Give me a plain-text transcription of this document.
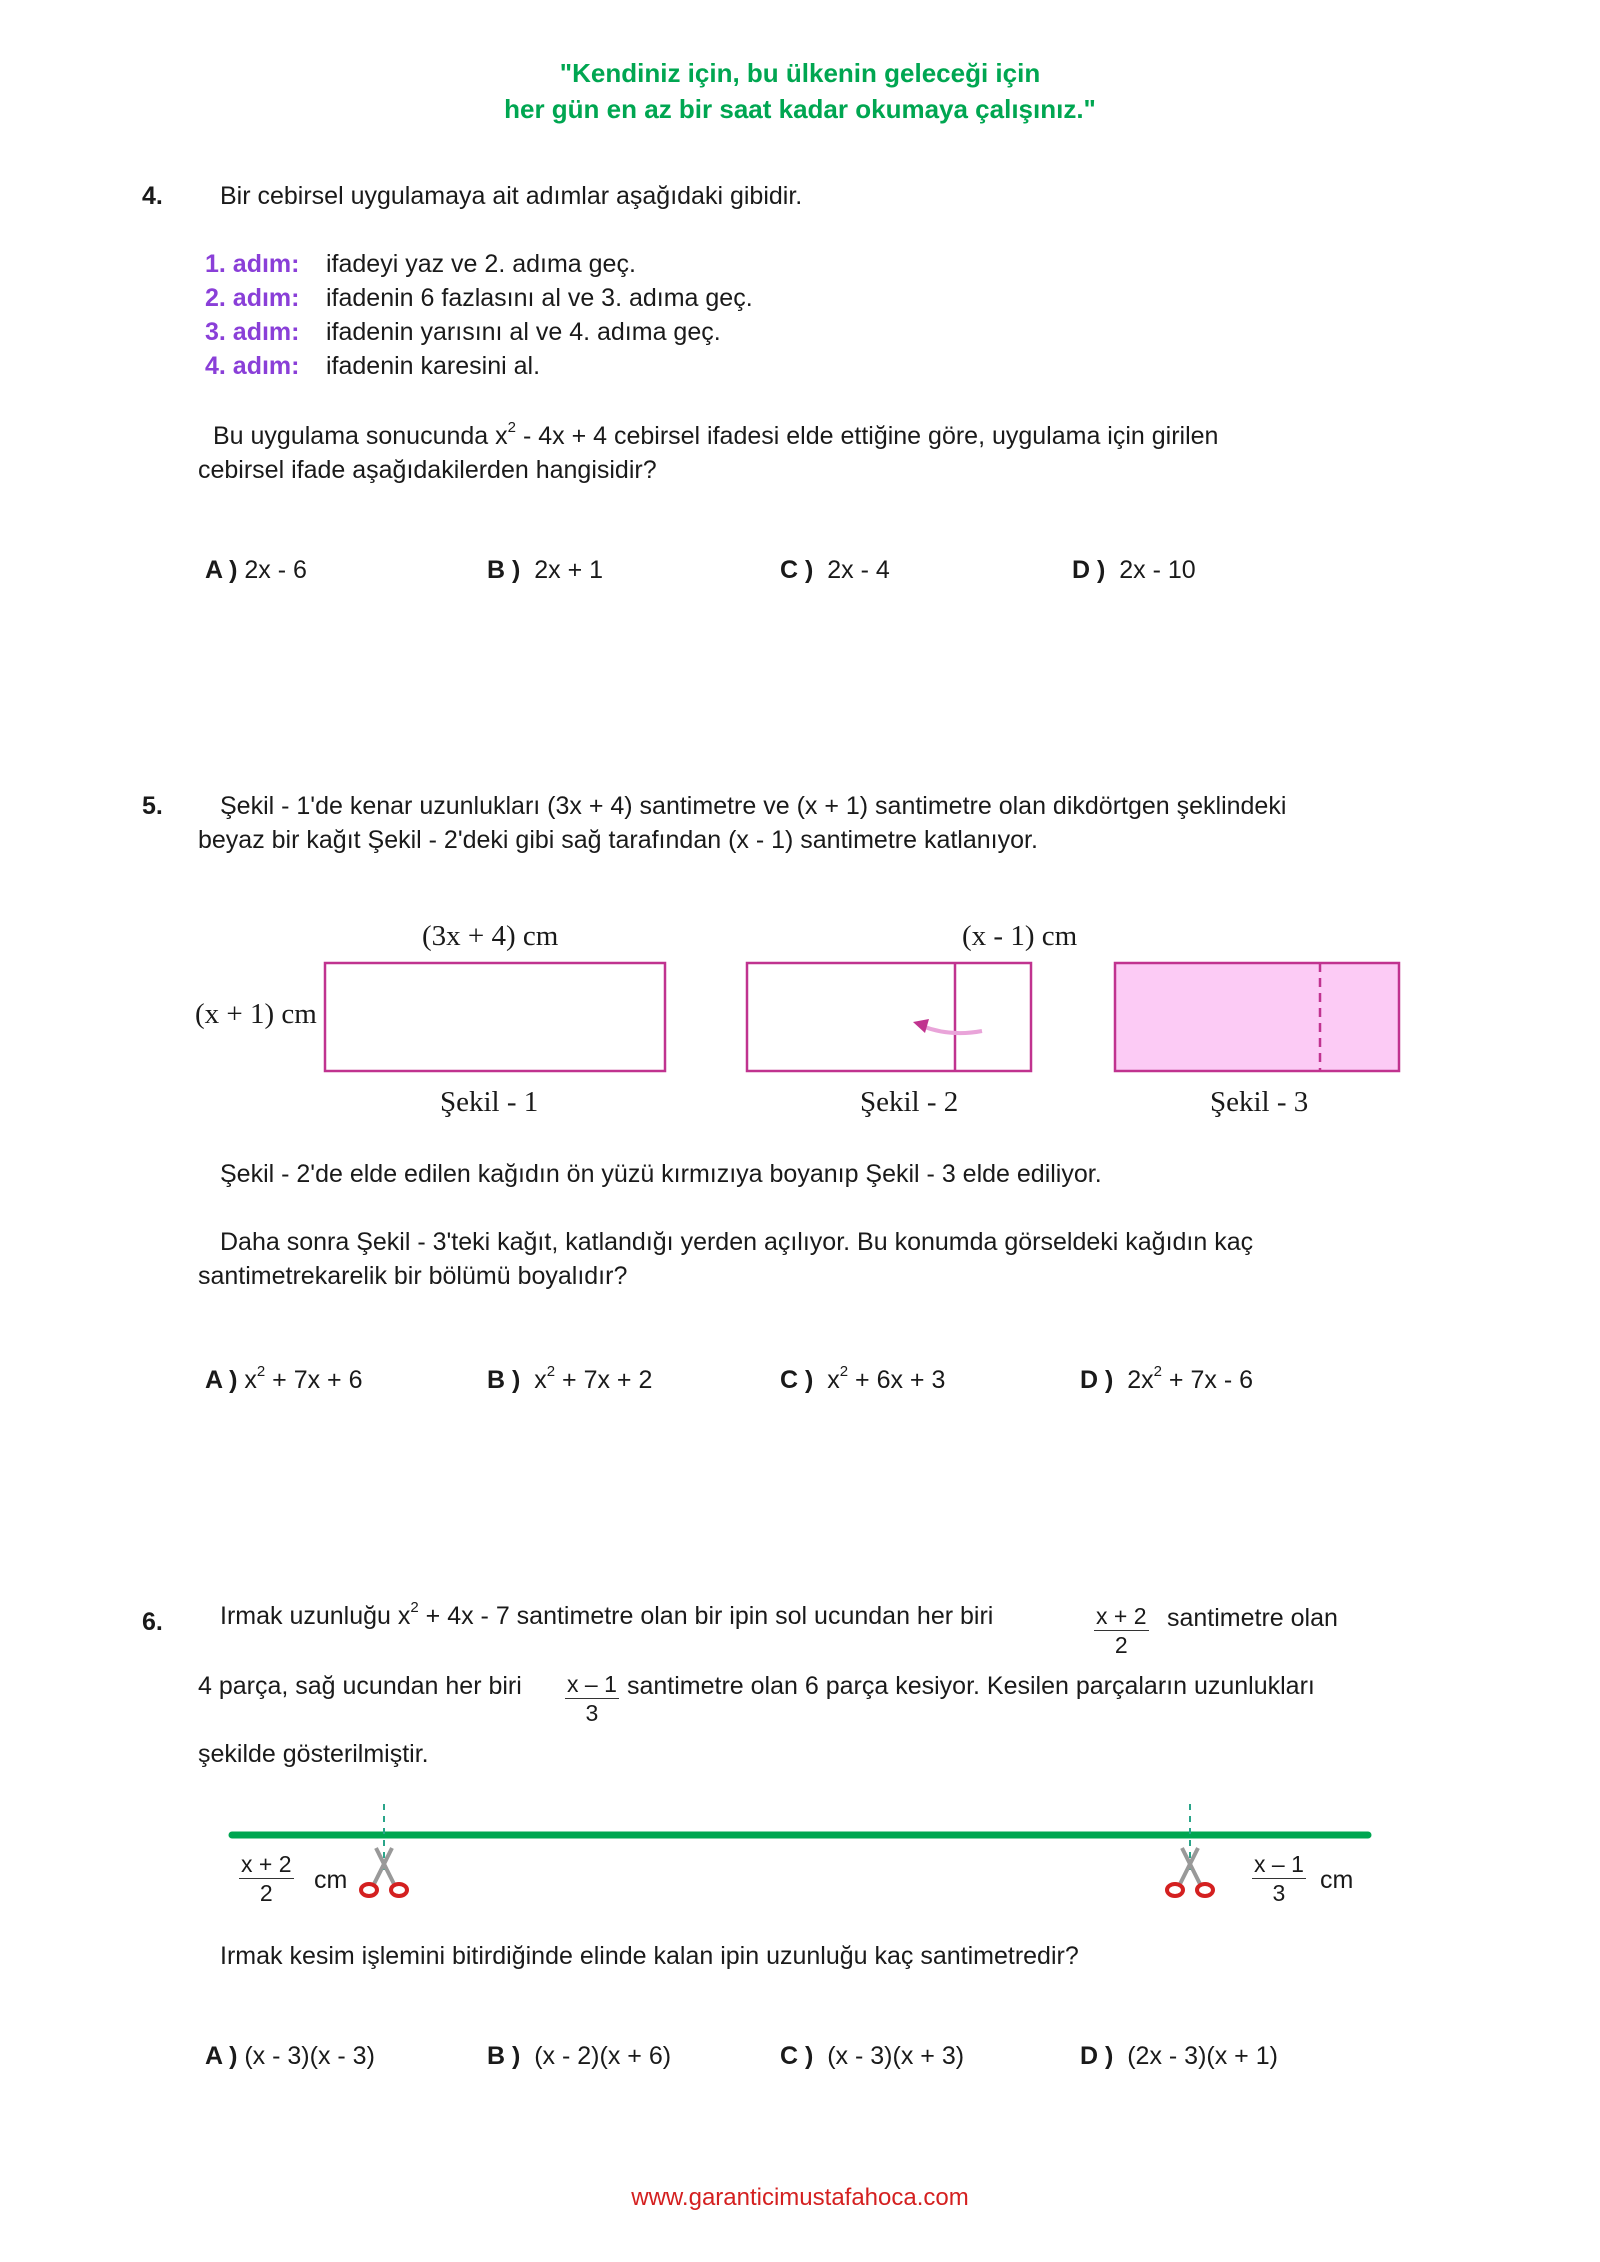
"Kendiniz için, bu ülkenin geleceği için
her gün en az bir saat kadar okumaya çalışınız."
4. Bir cebirsel uygulamaya ait adımlar aşağıdaki gibidir.
1. adım: ifadeyi yaz ve 2. adıma geç.
2. adım: ifadenin 6 fazlasını al ve 3. adıma geç.
3. adım: ifadenin yarısını al ve 4. adıma geç.
4. adım: ifadenin karesini al.
Bu uygulama sonucunda $x^2 - 4x + 4$ cebirsel ifadesi elde ettiğine göre, uygulama için girilen
cebirsel ifade aşağıdakilerden hangisidir?
A ) 2x - 6	B ) 2x + 1	C ) 2x - 4	D ) 2x - 10
5. Şekil - 1'de kenar uzunlukları (3x + 4) santimetre ve (x + 1) santimetre olan dikdörtgen şeklindeki
beyaz bir kağıt Şekil - 2'deki gibi sağ tarafından (x - 1) santimetre katlanıyor.
(3x + 4) cm
(x + 1) cm
(x - 1) cm
Şekil - 1	Şekil - 2	Şekil - 3
Şekil - 2'de elde edilen kağıdın ön yüzü kırmızıya boyanıp Şekil - 3 elde ediliyor.
Daha sonra Şekil - 3'teki kağıt, katlandığı yerden açılıyor. Bu konumda görseldeki kağıdın kaç
santimetrekarelik bir bölümü boyalıdır?
A ) $x^2 + 7x + 6$	B ) $x^2 + 7x + 2$	C ) $x^2 + 6x + 3$	D ) $2x^2 + 7x - 6$
6. Irmak uzunluğu $x^2 + 4x - 7$ santimetre olan bir ipin sol ucundan her biri	$\frac{x + 2}{2}$ santimetre olan
4 parça, sağ ucundan her biri $\frac{x - 1}{3}$ santimetre olan 6 parça kesiyor. Kesilen parçaların uzunlukları
şekilde gösterilmiştir.
$\frac{x + 2}{2}$ cm	$\frac{x - 1}{3}$ cm
Irmak kesim işlemini bitirdiğinde elinde kalan ipin uzunluğu kaç santimetredir?
A ) (x - 3)(x - 3)	B ) (x - 2)(x + 6)	C ) (x - 3)(x + 3)	D ) (2x - 3)(x + 1)
www.garanticimustafahoca.com
